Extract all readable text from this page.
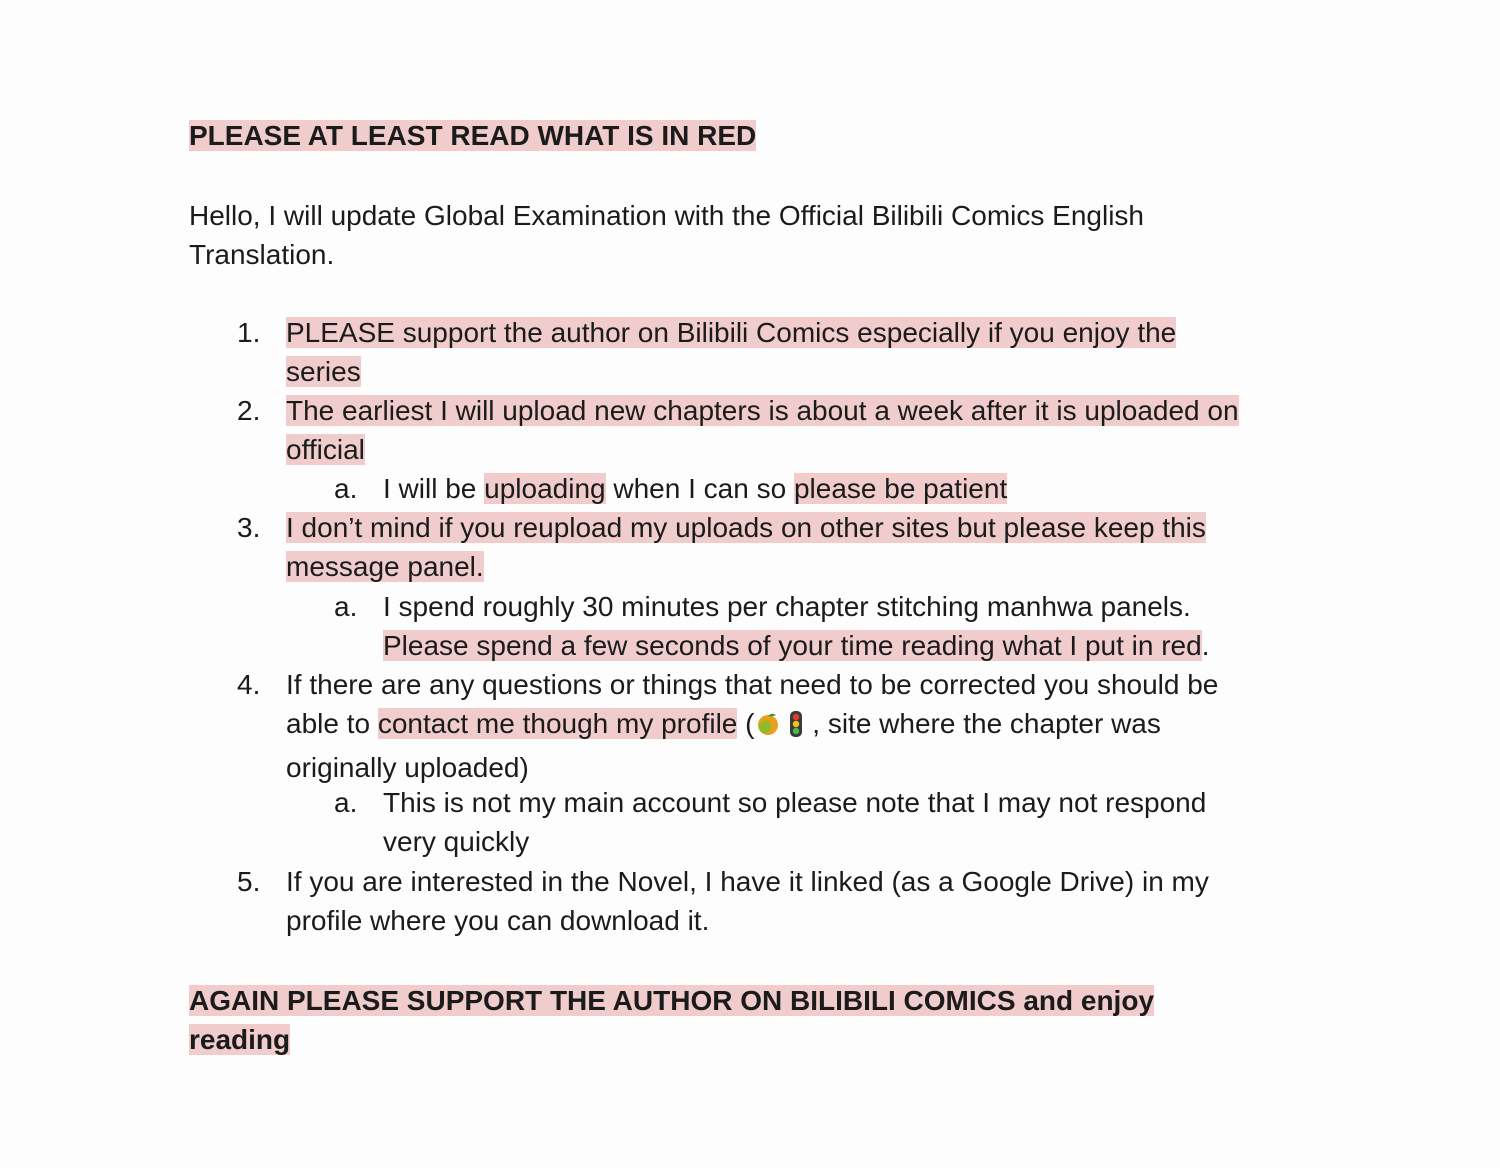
PLEASE AT LEAST READ WHAT IS IN RED
Hello, I will update Global Examination with the Official Bilibili Comics English
Translation.
1. PLEASE support the author on Bilibili Comics especially if you enjoy the
series
2. The earliest I will upload new chapters is about a week after it is uploaded on
official
a. I will be uploading when I can so please be patient
3. I don’t mind if you reupload my uploads on other sites but please keep this
message panel.
a. I spend roughly 30 minutes per chapter stitching manhwa panels.
Please spend a few seconds of your time reading what I put in red.
4. If there are any questions or things that need to be corrected you should be
able to contact me though my profile ( , site where the chapter was
originally uploaded)
a. This is not my main account so please note that I may not respond
very quickly
5. If you are interested in the Novel, I have it linked (as a Google Drive) in my
profile where you can download it.
AGAIN PLEASE SUPPORT THE AUTHOR ON BILIBILI COMICS and enjoy
reading
